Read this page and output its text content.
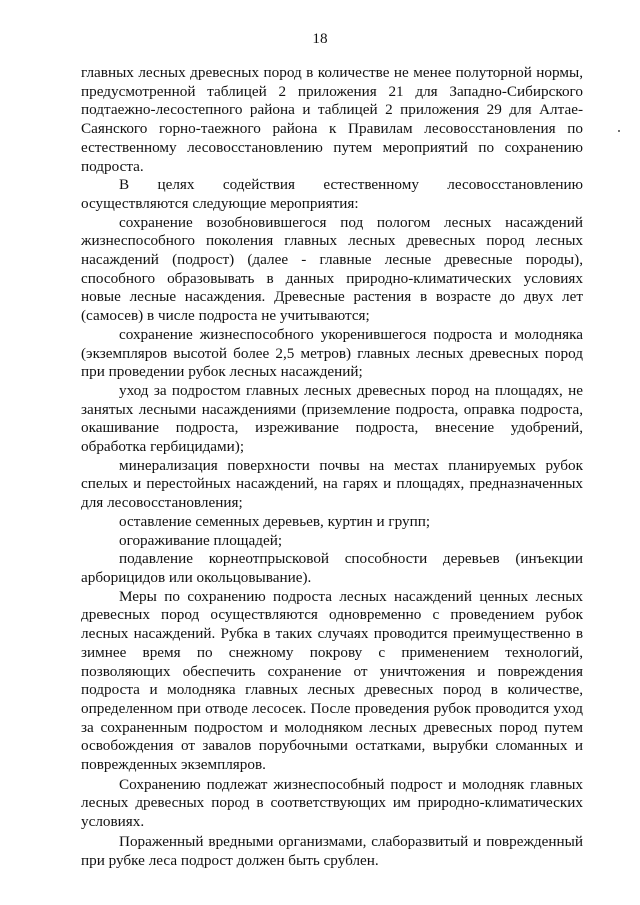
18

главных лесных древесных пород в количестве не менее полуторной нормы, предусмотренной таблицей 2 приложения 21 для Западно-Сибирского подтаежно-лесостепного района и таблицей 2 приложения 29 для Алтае-Саянского горно-таежного района к Правилам лесовосстановления по естественному лесовосстановлению путем мероприятий по сохранению подроста.

В целях содействия естественному лесовосстановлению осуществляются следующие мероприятия:

сохранение возобновившегося под пологом лесных насаждений жизнеспособного поколения главных лесных древесных пород лесных насаждений (подрост) (далее - главные лесные древесные породы), способного образовывать в данных природно-климатических условиях новые лесные насаждения. Древесные растения в возрасте до двух лет (самосев) в числе подроста не учитываются;

сохранение жизнеспособного укоренившегося подроста и молодняка (экземпляров высотой более 2,5 метров) главных лесных древесных пород при проведении рубок лесных насаждений;

уход за подростом главных лесных древесных пород на площадях, не занятых лесными насаждениями (приземление подроста, оправка подроста, окашивание подроста, изреживание подроста, внесение удобрений, обработка гербицидами);

минерализация поверхности почвы на местах планируемых рубок спелых и перестойных насаждений, на гарях и площадях, предназначенных для лесовосстановления;

оставление семенных деревьев, куртин и групп;

огораживание площадей;

подавление корнеотпрысковой способности деревьев (инъекции арборицидов или окольцовывание).

Меры по сохранению подроста лесных насаждений ценных лесных древесных пород осуществляются одновременно с проведением рубок лесных насаждений. Рубка в таких случаях проводится преимущественно в зимнее время по снежному покрову с применением технологий, позволяющих обеспечить сохранение от уничтожения и повреждения подроста и молодняка главных лесных древесных пород в количестве, определенном при отводе лесосек. После проведения рубок проводится уход за сохраненным подростом и молодняком лесных древесных пород путем освобождения от завалов порубочными остатками, вырубки сломанных и поврежденных экземпляров.

Сохранению подлежат жизнеспособный подрост и молодняк главных лесных древесных пород в соответствующих им природно-климатических условиях.

Пораженный вредными организмами, слаборазвитый и поврежденный при рубке леса подрост должен быть срублен.
